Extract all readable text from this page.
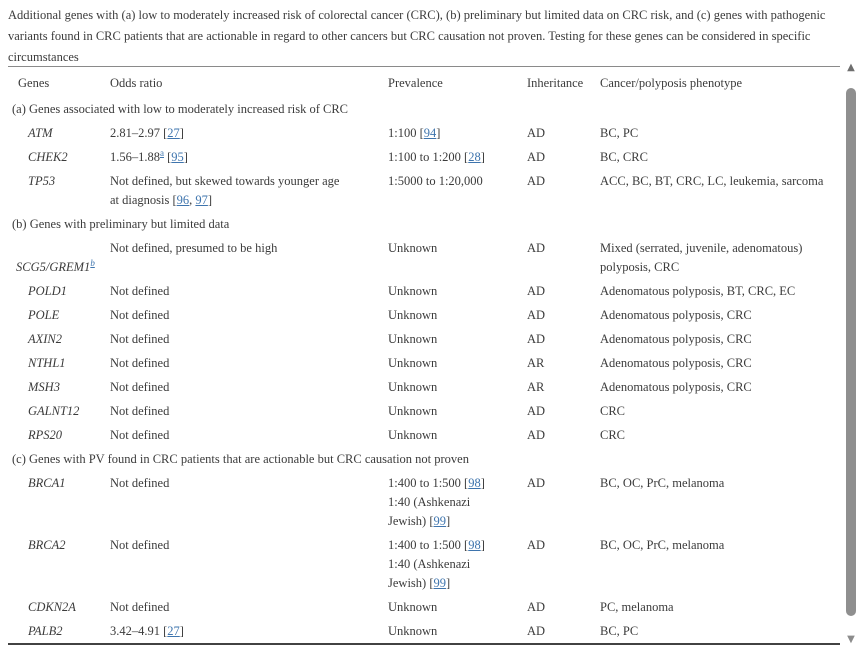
Additional genes with (a) low to moderately increased risk of colorectal cancer (CRC), (b) preliminary but limited data on CRC risk, and (c) genes with pathogenic variants found in CRC patients that are actionable in regard to other cancers but CRC causation not proven. Testing for these genes can be considered in specific circumstances
Genes	Odds ratio	Prevalence	Inheritance	Cancer/polyposis phenotype
(a) Genes associated with low to moderately increased risk of CRC				
ATM	2.81–2.97 [27]	1:100 [94]	AD	BC, PC
CHEK2	1.56–1.88$^a$ [95]	1:100 to 1:200 [28]	AD	BC, CRC
TP53	Not defined, but skewed towards younger age
at diagnosis [96, 97]	1:5000 to 1:20,000	AD	ACC, BC, BT, CRC, LC, leukemia, sarcoma
(b) Genes with preliminary but limited data				
SCG5/GREM1$^b$	Not defined, presumed to be high	Unknown	AD	Mixed (serrated, juvenile, adenomatous)
polyposis, CRC
POLD1	Not defined	Unknown	AD	Adenomatous polyposis, BT, CRC, EC
POLE	Not defined	Unknown	AD	Adenomatous polyposis, CRC
AXIN2	Not defined	Unknown	AD	Adenomatous polyposis, CRC
NTHL1	Not defined	Unknown	AR	Adenomatous polyposis, CRC
MSH3	Not defined	Unknown	AR	Adenomatous polyposis, CRC
GALNT12	Not defined	Unknown	AD	CRC
RPS20	Not defined	Unknown	AD	CRC
(c) Genes with PV found in CRC patients that are actionable but CRC causation not proven				
BRCA1	Not defined	1:400 to 1:500 [98]
1:40 (Ashkenazi
Jewish) [99]	AD	BC, OC, PrC, melanoma
BRCA2	Not defined	1:400 to 1:500 [98]
1:40 (Ashkenazi
Jewish) [99]	AD	BC, OC, PrC, melanoma
CDKN2A	Not defined	Unknown	AD	PC, melanoma
PALB2	3.42–4.91 [27]	Unknown	AD	BC, PC
▲
▼
